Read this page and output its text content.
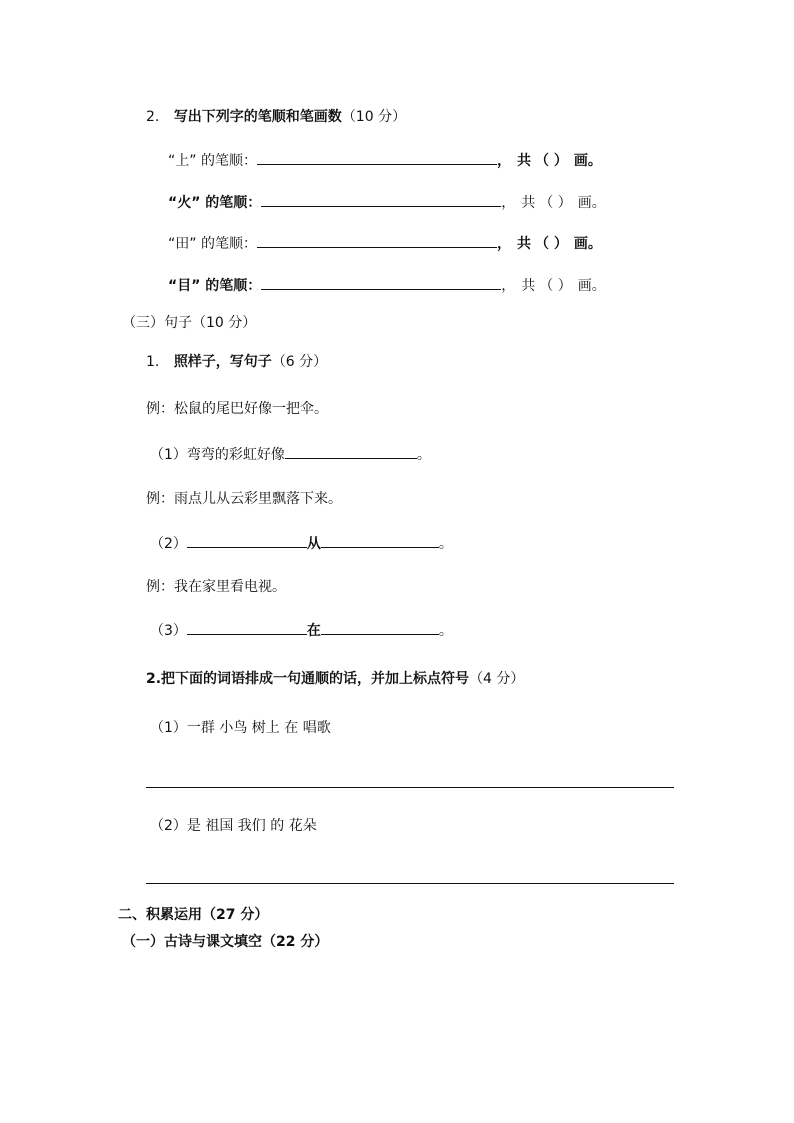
2. 写出下列字的笔顺和笔画数（10 分）
“上” 的笔顺：	， 共 （ ） 画。
“火” 的笔顺：	， 共 （ ） 画。
“田” 的笔顺：	， 共 （ ） 画。
“目” 的笔顺：	， 共 （ ） 画。
（三）句子（10 分）
1. 照样子，写句子（6 分）
例：松鼠的尾巴好像一把伞。
（1）弯弯的彩虹好像	。
例：雨点儿从云彩里飘落下来。
（2）	从	。
例：我在家里看电视。
（3）	在	。
2.把下面的词语排成一句通顺的话，并加上标点符号（4 分）
（1）一群 小鸟 树上 在 唱歌
（2）是 祖国 我们 的 花朵
二、积累运用（27 分）
（一）古诗与课文填空（22 分）
